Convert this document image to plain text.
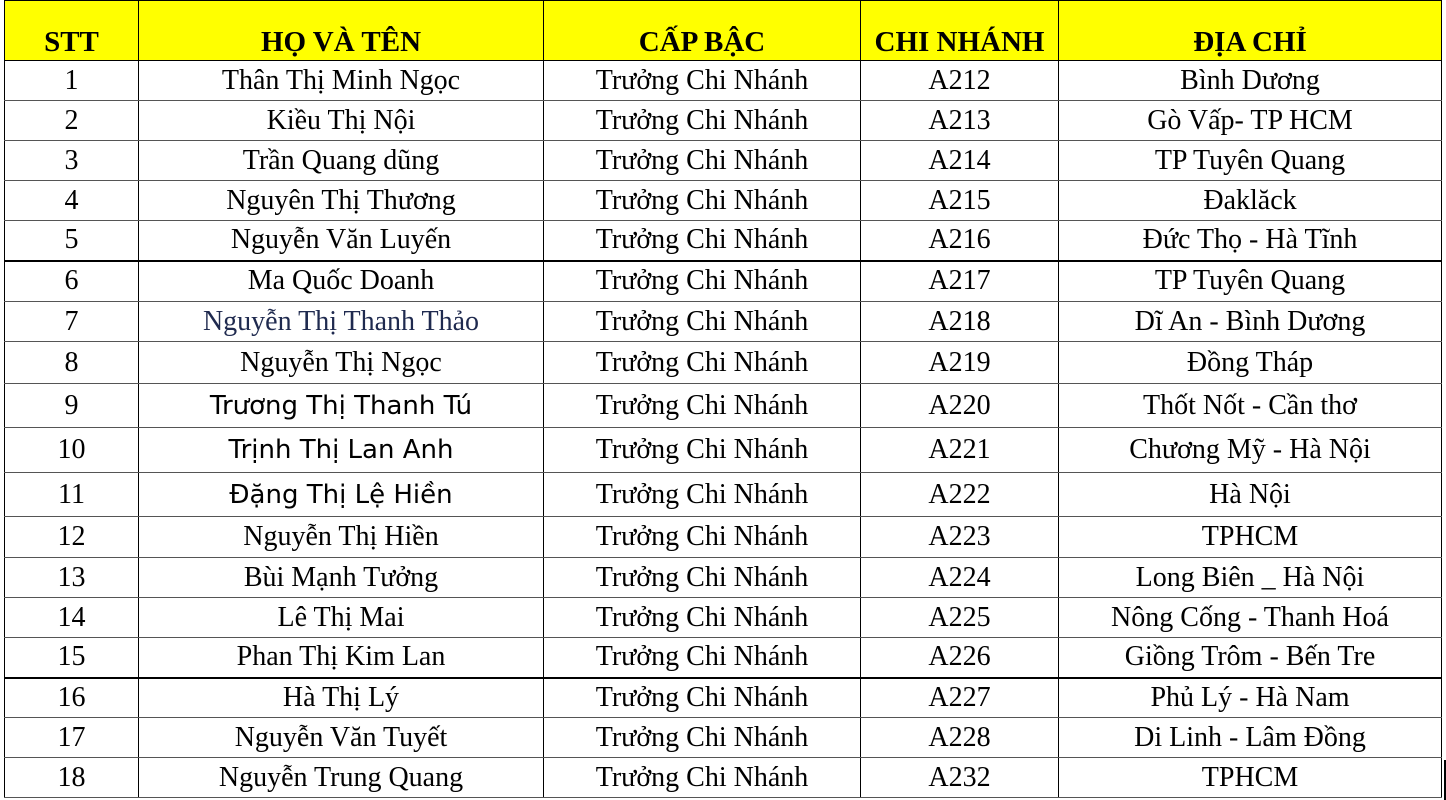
STT	HỌ VÀ TÊN	CẤP BẬC	CHI NHÁNH	ĐỊA CHỈ
1	Thân Thị Minh Ngọc	Trưởng Chi Nhánh	A212	Bình Dương
2	Kiều Thị Nội	Trưởng Chi Nhánh	A213	Gò Vấp- TP HCM
3	Trần Quang dũng	Trưởng Chi Nhánh	A214	TP Tuyên Quang
4	Nguyên Thị Thương	Trưởng Chi Nhánh	A215	Đaklăck
5	Nguyễn Văn Luyến	Trưởng Chi Nhánh	A216	Đức Thọ - Hà Tĩnh
6	Ma Quốc Doanh	Trưởng Chi Nhánh	A217	TP Tuyên Quang
7	Nguyễn Thị Thanh Thảo	Trưởng Chi Nhánh	A218	Dĩ An - Bình Dương
8	Nguyễn Thị Ngọc	Trưởng Chi Nhánh	A219	Đồng Tháp
9	Trương Thị Thanh Tú	Trưởng Chi Nhánh	A220	Thốt Nốt - Cần thơ
10	Trịnh Thị Lan Anh	Trưởng Chi Nhánh	A221	Chương Mỹ - Hà Nội
11	Đặng Thị Lệ Hiền	Trưởng Chi Nhánh	A222	Hà Nội
12	Nguyễn Thị Hiền	Trưởng Chi Nhánh	A223	TPHCM
13	Bùi Mạnh Tưởng	Trưởng Chi Nhánh	A224	Long Biên _ Hà Nội
14	Lê Thị Mai	Trưởng Chi Nhánh	A225	Nông Cống - Thanh Hoá
15	Phan Thị Kim Lan	Trưởng Chi Nhánh	A226	Giồng Trôm - Bến Tre
16	Hà Thị Lý	Trưởng Chi Nhánh	A227	Phủ Lý - Hà Nam
17	Nguyễn Văn Tuyết	Trưởng Chi Nhánh	A228	Di Linh - Lâm Đồng
18	Nguyễn Trung Quang	Trưởng Chi Nhánh	A232	TPHCM
